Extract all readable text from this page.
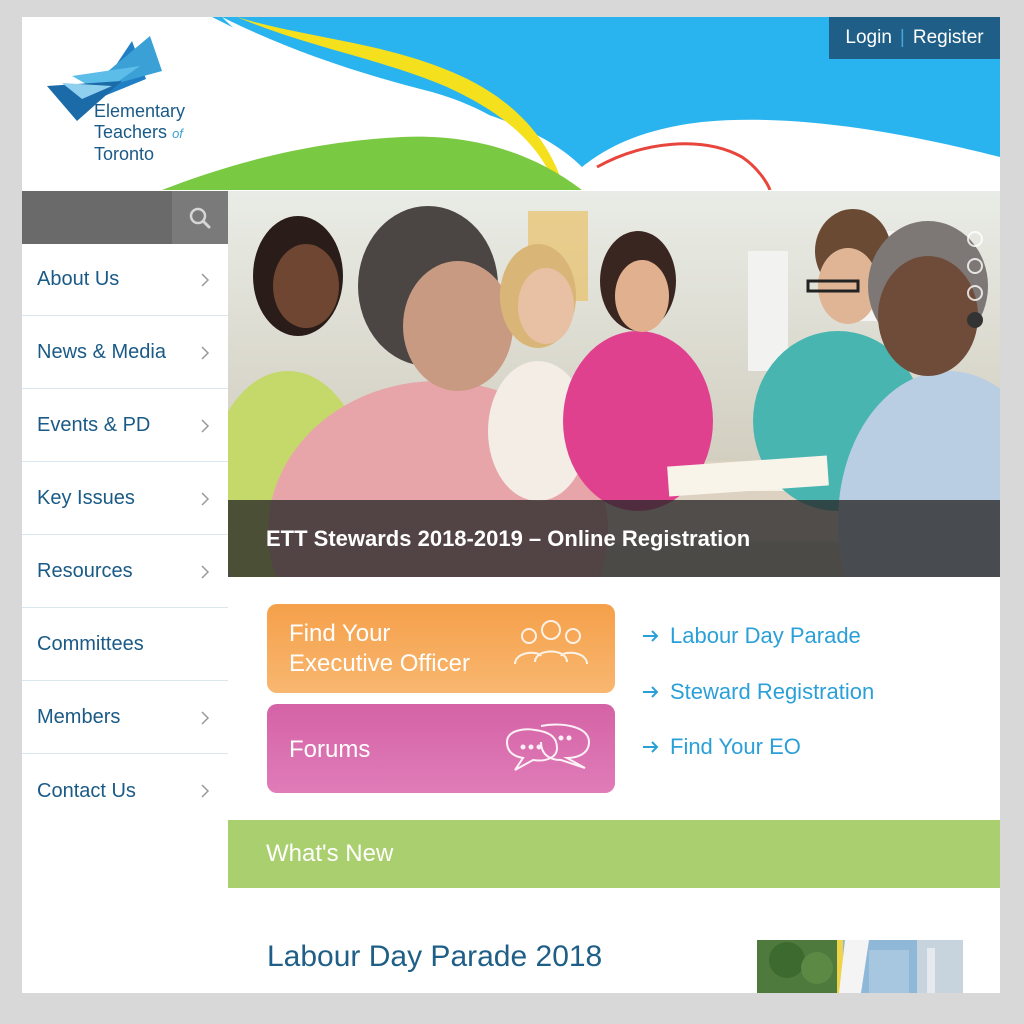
Elementary
Teachers of
Toronto
Login | Register
About Us
News & Media
Events & PD
Key Issues
Resources
Committees
Members
Contact Us
ETT Stewards 2018-2019 – Online Registration
Find Your
Executive Officer
Forums
Labour Day Parade
Steward Registration
Find Your EO
What's New
Labour Day Parade 2018
